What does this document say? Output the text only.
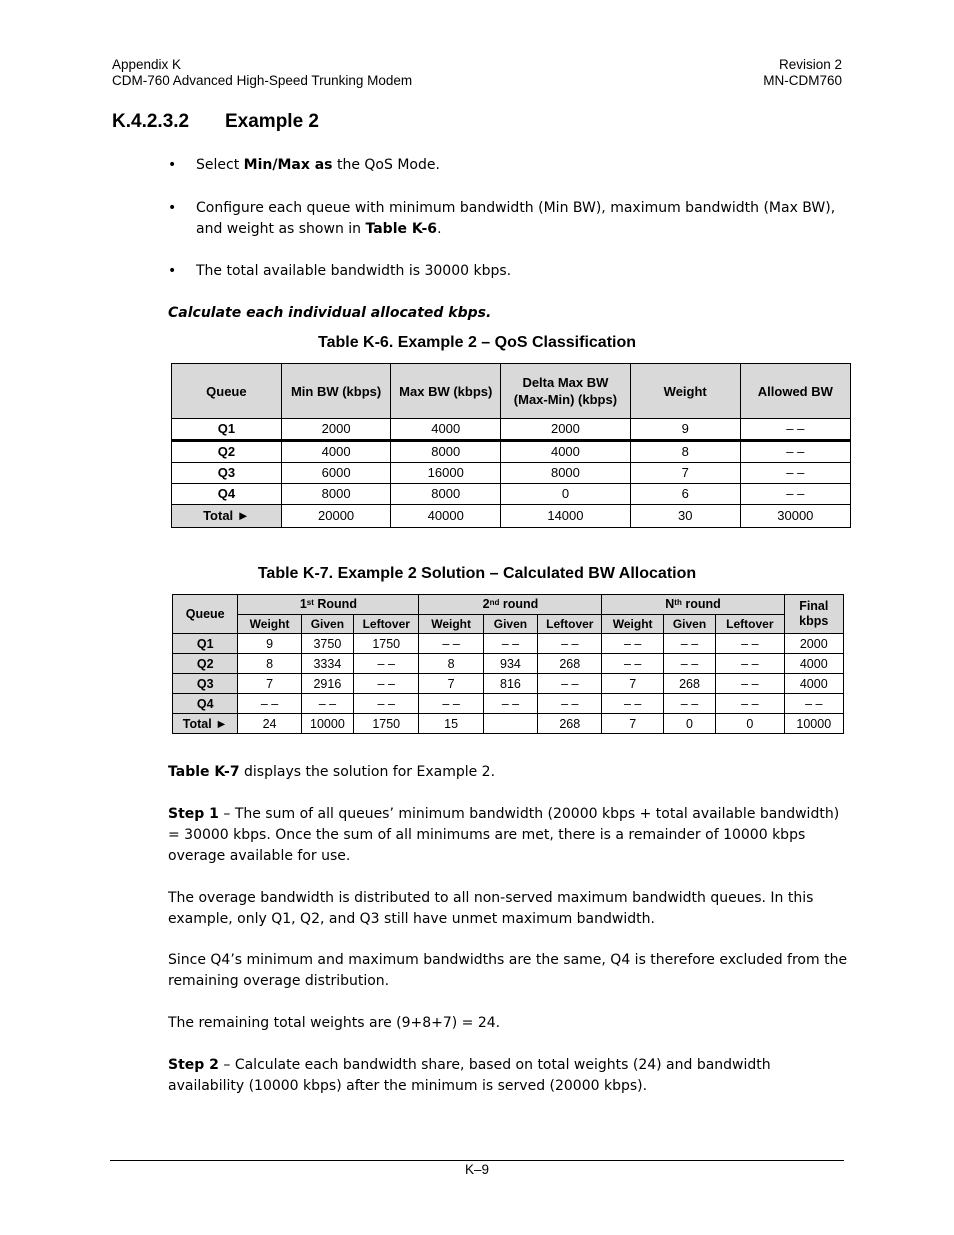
Appendix K
CDM-760 Advanced High-Speed Trunking Modem
Revision 2
MN-CDM760
K.4.2.3.2 Example 2
• Select Min/Max as the QoS Mode.
• Configure each queue with minimum bandwidth (Min BW), maximum bandwidth (Max BW), and weight as shown in Table K-6.
• The total available bandwidth is 30000 kbps.
Calculate each individual allocated kbps.
Table K-6. Example 2 – QoS Classification
Queue	Min BW (kbps)	Max BW (kbps)	Delta Max BW (Max-Min) (kbps)	Weight	Allowed BW
Q1	2000	4000	2000	9	– –
Q2	4000	8000	4000	8	– –
Q3	6000	16000	8000	7	– –
Q4	8000	8000	0	6	– –
Total ►	20000	40000	14000	30	30000
Table K-7. Example 2 Solution – Calculated BW Allocation
Queue	1st Round			2nd round			$N^{th}$ round			Final kbps
	Weight	Given	Leftover	Weight	Given	Leftover	Weight	Given	Leftover	
Q1	9	3750	1750	– –	– –	– –	– –	– –	– –	2000
Q2	8	3334	– –	8	934	268	– –	– –	– –	4000
Q3	7	2916	– –	7	816	– –	7	268	– –	4000
Q4	– –	– –	– –	– –	– –	– –	– –	– –	– –	– –
Total ►	24	10000	1750	15		268	7	0	0	10000
Table K-7 displays the solution for Example 2.
Step 1 – The sum of all queues’ minimum bandwidth (20000 kbps + total available bandwidth) = 30000 kbps. Once the sum of all minimums are met, there is a remainder of 10000 kbps overage available for use.
The overage bandwidth is distributed to all non-served maximum bandwidth queues. In this example, only Q1, Q2, and Q3 still have unmet maximum bandwidth.
Since Q4’s minimum and maximum bandwidths are the same, Q4 is therefore excluded from the remaining overage distribution.
The remaining total weights are (9+8+7) = 24.
Step 2 – Calculate each bandwidth share, based on total weights (24) and bandwidth availability (10000 kbps) after the minimum is served (20000 kbps).
K–9
